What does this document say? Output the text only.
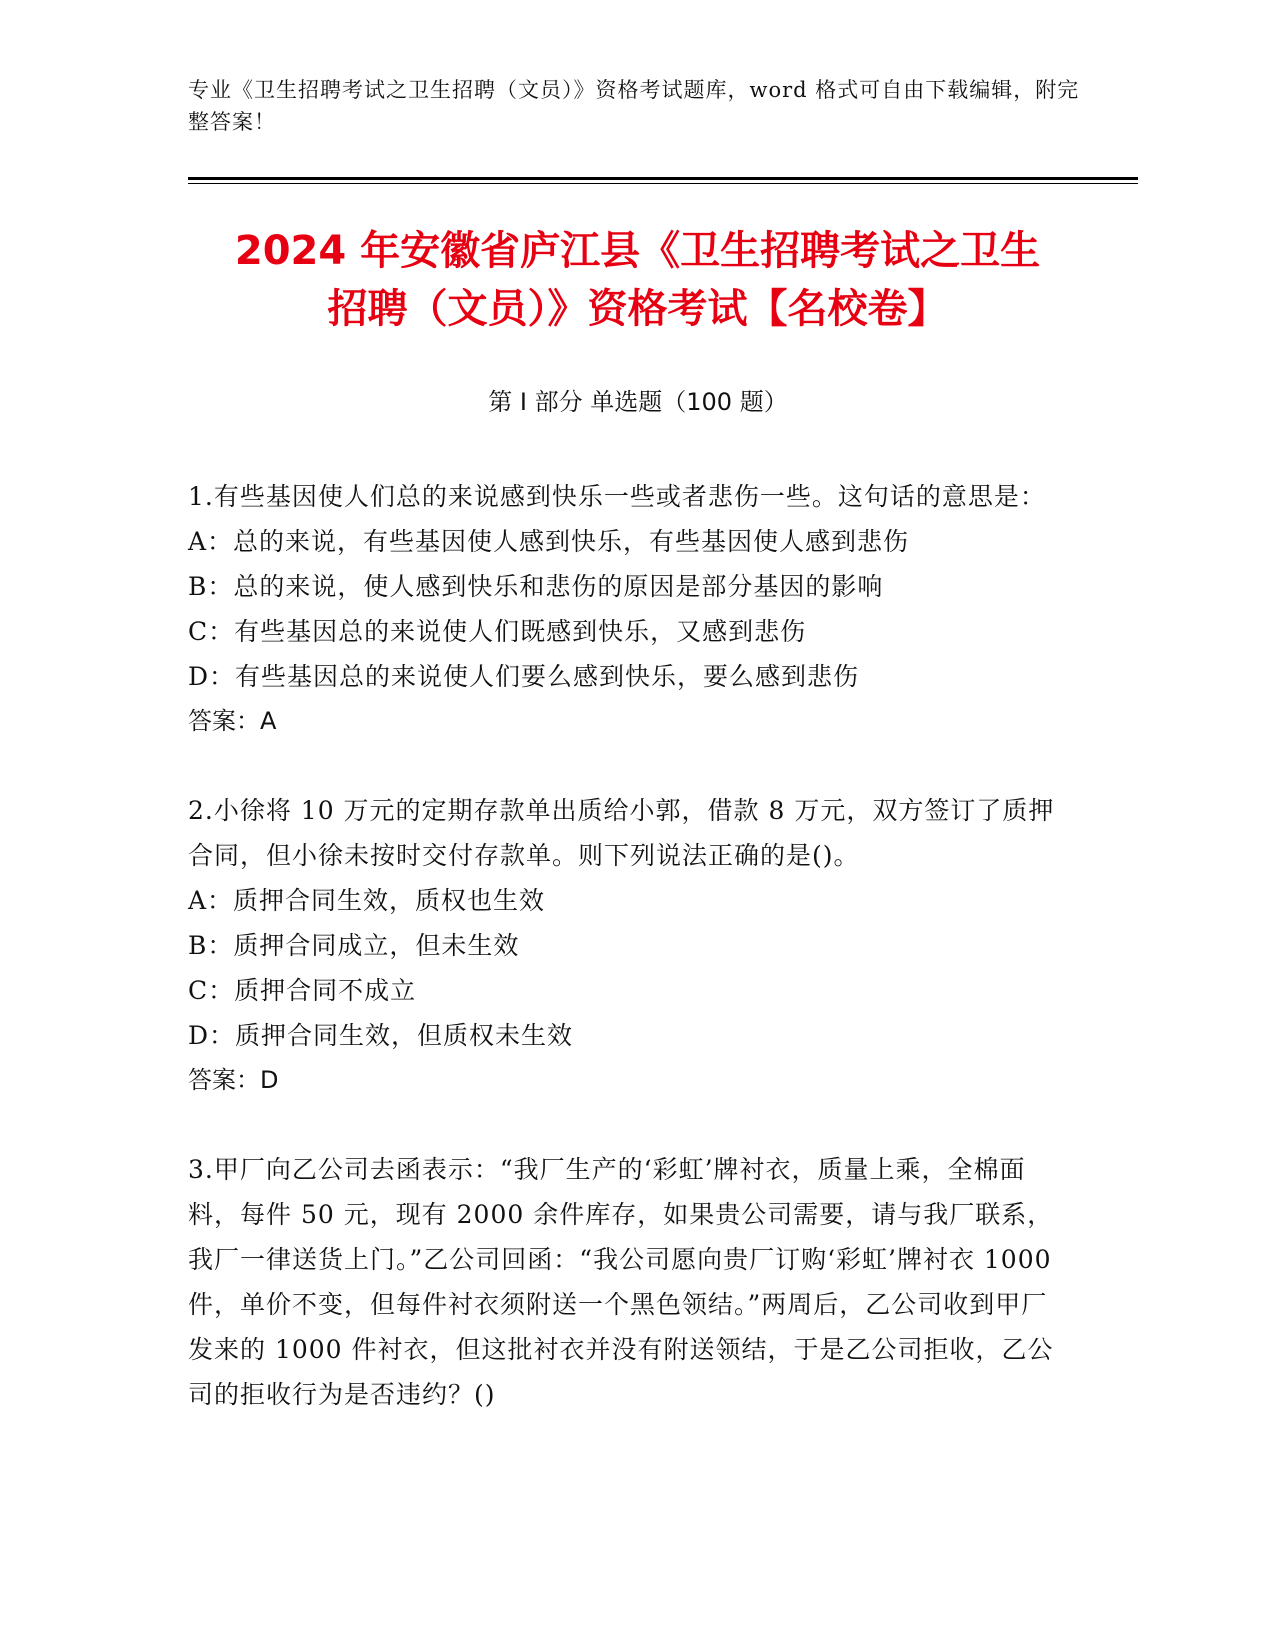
专业《卫生招聘考试之卫生招聘（文员）》资格考试题库，word 格式可自由下载编辑，附完整答案！
2024 年安徽省庐江县《卫生招聘考试之卫生
招聘（文员）》资格考试【名校卷】
第 I 部分 单选题（100 题）
1.有些基因使人们总的来说感到快乐一些或者悲伤一些。这句话的意思是：
A：总的来说，有些基因使人感到快乐，有些基因使人感到悲伤
B：总的来说，使人感到快乐和悲伤的原因是部分基因的影响
C：有些基因总的来说使人们既感到快乐，又感到悲伤
D：有些基因总的来说使人们要么感到快乐，要么感到悲伤
答案：A
2.小徐将 10 万元的定期存款单出质给小郭，借款 8 万元，双方签订了质押合同，但小徐未按时交付存款单。则下列说法正确的是()。
A：质押合同生效，质权也生效
B：质押合同成立，但未生效
C：质押合同不成立
D：质押合同生效，但质权未生效
答案：D
3.甲厂向乙公司去函表示：“我厂生产的‘彩虹’牌衬衣，质量上乘，全棉面料，每件 50 元，现有 2000 余件库存，如果贵公司需要，请与我厂联系，我厂一律送货上门。”乙公司回函：“我公司愿向贵厂订购‘彩虹’牌衬衣 1000 件，单价不变，但每件衬衣须附送一个黑色领结。”两周后，乙公司收到甲厂发来的 1000 件衬衣，但这批衬衣并没有附送领结，于是乙公司拒收，乙公司的拒收行为是否违约？()
